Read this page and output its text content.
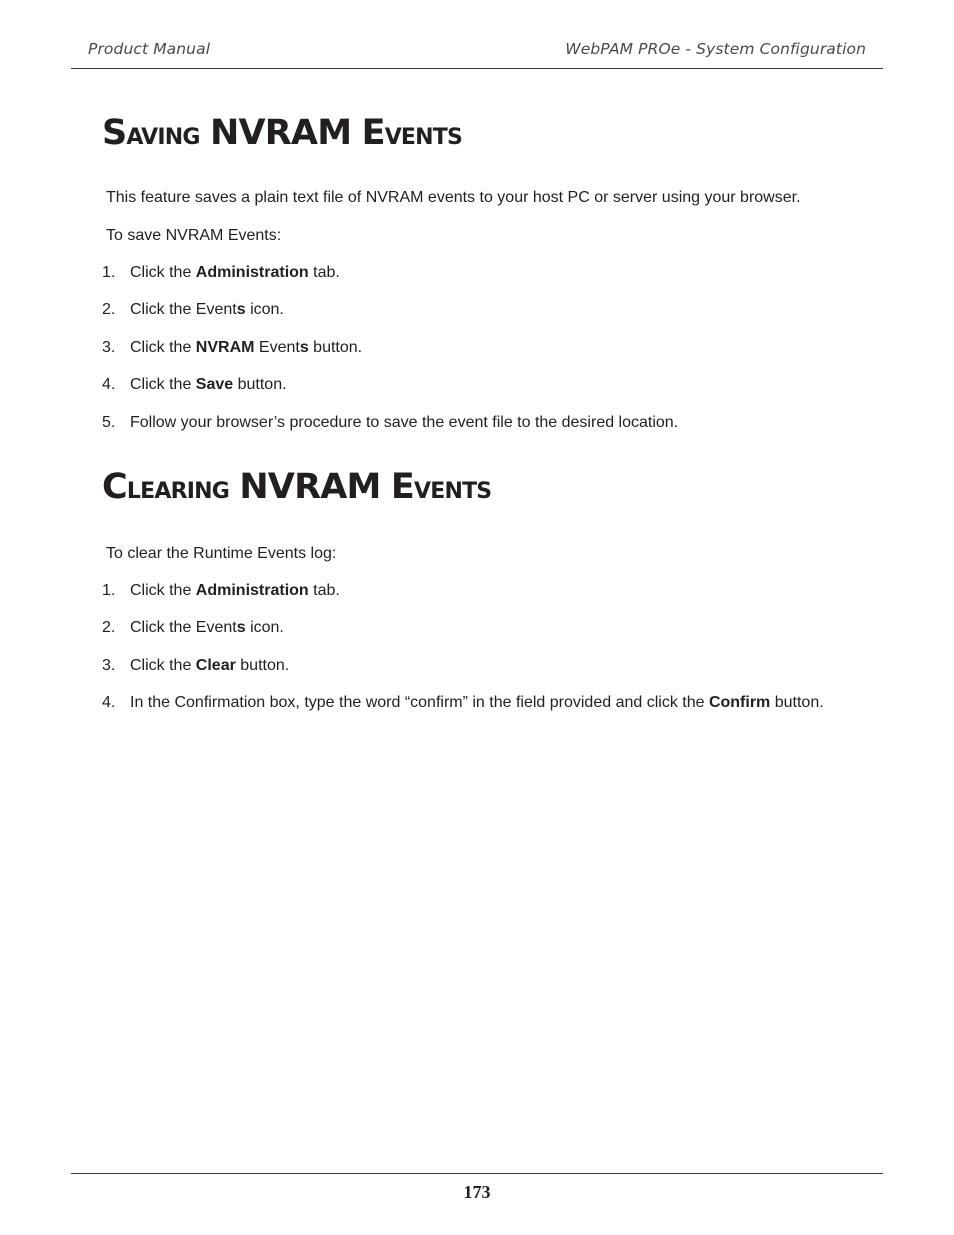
Product Manual	WebPAM PROe - System Configuration
SAVING NVRAM EVENTS

This feature saves a plain text file of NVRAM events to your host PC or server using your browser.

To save NVRAM Events:

1. Click the Administration tab.
2. Click the Events icon.
3. Click the NVRAM Events button.
4. Click the Save button.
5. Follow your browser’s procedure to save the event file to the desired location.
CLEARING NVRAM EVENTS

To clear the Runtime Events log:

1. Click the Administration tab.
2. Click the Events icon.
3. Click the Clear button.
4. In the Confirmation box, type the word “confirm” in the field provided and click the Confirm button.
173
